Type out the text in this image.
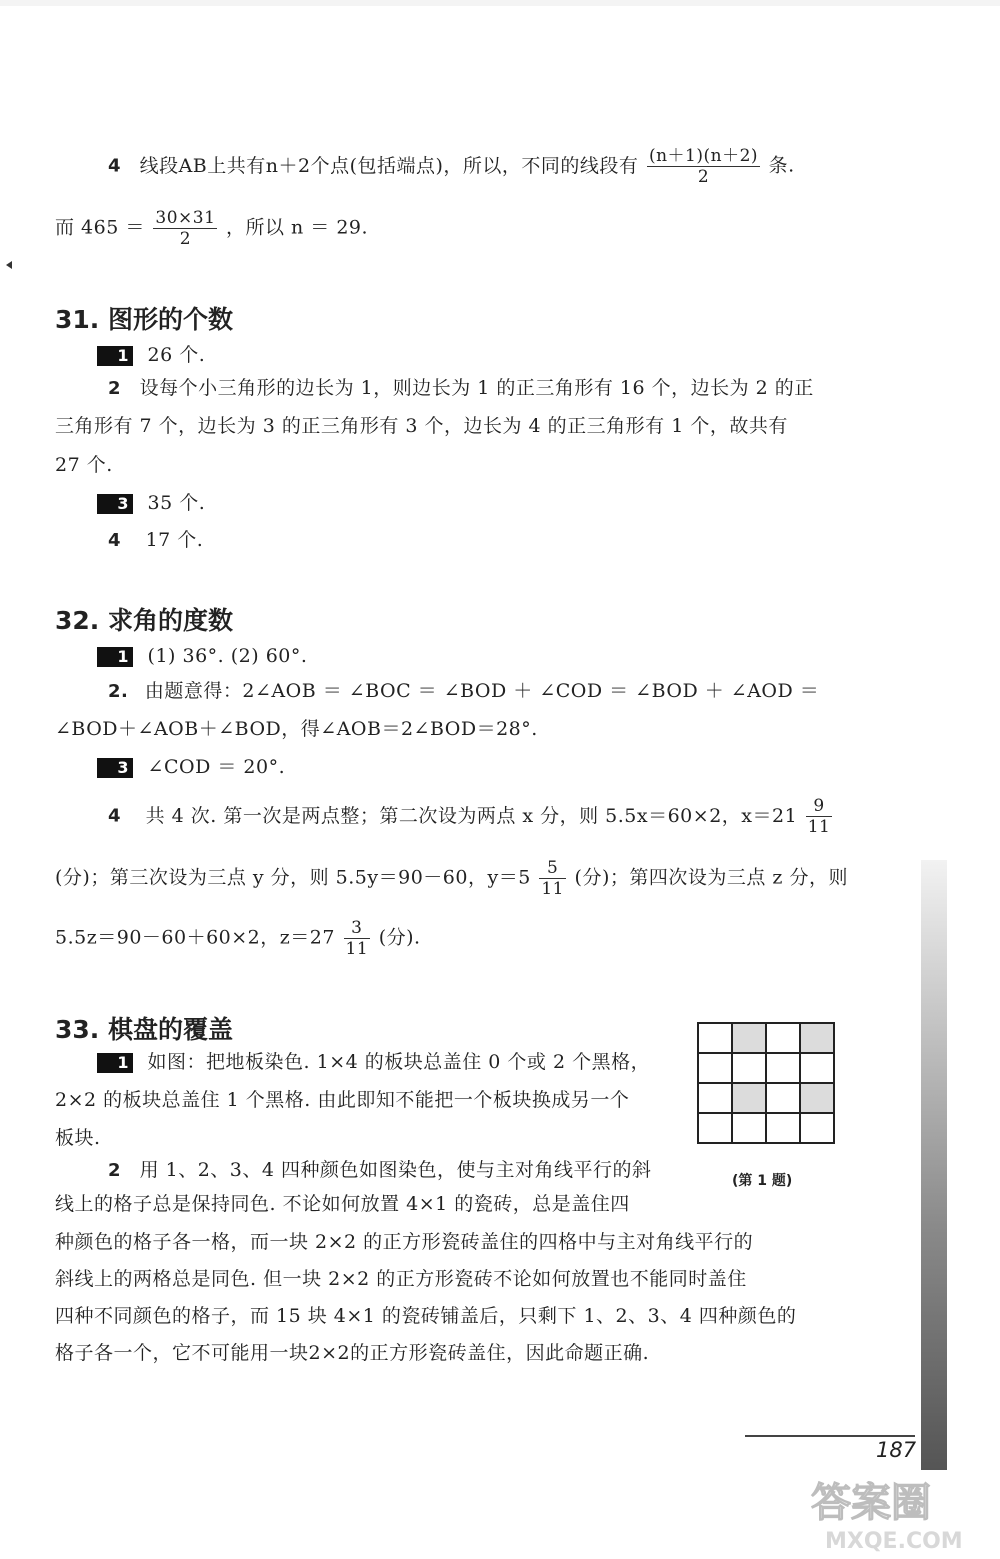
4 线段AB上共有n＋2个点(包括端点)，所以，不同的线段有 $\frac{(n+1)(n+2)}{2}$ 条.
而 $465 = \frac{30\times 31}{2}$ ，所以 n ＝ 29.
31. 图形的个数
1 26 个.
2 设每个小三角形的边长为 1，则边长为 1 的正三角形有 16 个，边长为 2 的正
三角形有 7 个，边长为 3 的正三角形有 3 个，边长为 4 的正三角形有 1 个，故共有
27 个.
3 35 个.
4 17 个.
32. 求角的度数
1 (1) 36°. (2) 60°.
2. 由题意得：2∠AOB ＝ ∠BOC ＝ ∠BOD ＋ ∠COD ＝ ∠BOD ＋ ∠AOD ＝
∠BOD＋∠AOB＋∠BOD，得∠AOB＝2∠BOD＝28°.
3 ∠COD ＝ 20°.
4 共 4 次. 第一次是两点整；第二次设为两点 x 分，则 5.5x＝60×2，$x=21 \frac{9}{11}$
(分)；第三次设为三点 y 分，则 5.5y＝90－60，$y=5 \frac{5}{11}$ (分)；第四次设为三点 z 分，则
5.5z＝90－60＋60×2，$z=27 \frac{3}{11}$ (分).
33. 棋盘的覆盖
1 如图：把地板染色. 1×4 的板块总盖住 0 个或 2 个黑格，
2×2 的板块总盖住 1 个黑格. 由此即知不能把一个板块换成另一个
板块.
2 用 1、2、3、4 四种颜色如图染色，使与主对角线平行的斜
线上的格子总是保持同色. 不论如何放置 4×1 的瓷砖，总是盖住四
种颜色的格子各一格，而一块 2×2 的正方形瓷砖盖住的四格中与主对角线平行的
斜线上的两格总是同色. 但一块 2×2 的正方形瓷砖不论如何放置也不能同时盖住
四种不同颜色的格子，而 15 块 4×1 的瓷砖铺盖后，只剩下 1、2、3、4 四种颜色的
格子各一个，它不可能用一块2×2的正方形瓷砖盖住，因此命题正确.
(第 1 题)
187
答案圈
MXQE.COM
